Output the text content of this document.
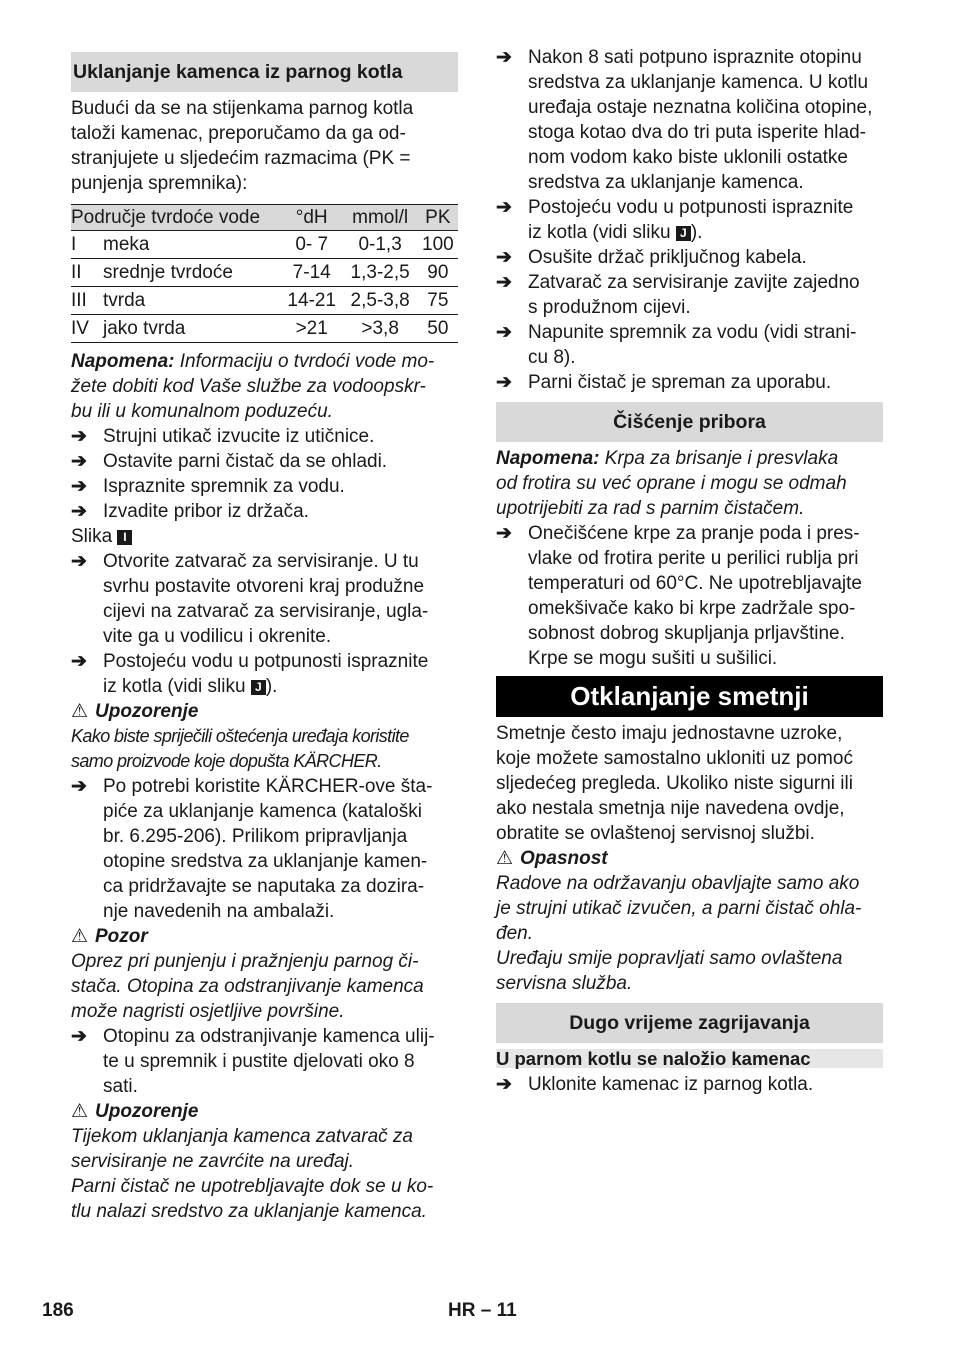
Uklanjanje kamenca iz parnog kotla

Budući da se na stijenkama parnog kotla

taloži kamenac, preporučamo da ga od-

stranjujete u sljedećim razmacima (PK =

punjenja spremnika):

Područje tvrdoće vode		°dH	mmol/l	PK
I	meka	0- 7	0-1,3	100
II	srednje tvrdoće	7-14	1,3-2,5	90
III	tvrda	14-21	2,5-3,8	75
IV	jako tvrda	>21	>3,8	50

Napomena: Informaciju o tvrdoći vode mo-

žete dobiti kod Vaše službe za vodoopskr-

bu ili u komunalnom poduzeću.

➔ Strujni utikač izvucite iz utičnice.

➔ Ostavite parni čistač da se ohladi.

➔ Ispraznite spremnik za vodu.

➔ Izvadite pribor iz držača.

Slika I

➔ Otvorite zatvarač za servisiranje. U tu

svrhu postavite otvoreni kraj produžne

cijevi na zatvarač za servisiranje, ugla-

vite ga u vodilicu i okrenite.

➔ Postojeću vodu u potpunosti ispraznite

iz kotla (vidi sliku J ).

⚠ Upozorenje

Kako biste spriječili oštećenja uređaja koristite

samo proizvode koje dopušta KÄRCHER.

➔ Po potrebi koristite KÄRCHER-ove šta-

piće za uklanjanje kamenca (kataloški

br. 6.295-206). Prilikom pripravljanja

otopine sredstva za uklanjanje kamen-

ca pridržavajte se naputaka za dozira-

nje navedenih na ambalaži.

⚠ Pozor

Oprez pri punjenju i pražnjenju parnog či-

stača. Otopina za odstranjivanje kamenca

može nagristi osjetljive površine.

➔ Otopinu za odstranjivanje kamenca ulij-

te u spremnik i pustite djelovati oko 8

sati.

⚠ Upozorenje

Tijekom uklanjanja kamenca zatvarač za

servisiranje ne zavrćite na uređaj.

Parni čistač ne upotrebljavajte dok se u ko-

tlu nalazi sredstvo za uklanjanje kamenca.

➔ Nakon 8 sati potpuno ispraznite otopinu

sredstva za uklanjanje kamenca. U kotlu

uređaja ostaje neznatna količina otopine,

stoga kotao dva do tri puta isperite hlad-

nom vodom kako biste uklonili ostatke

sredstva za uklanjanje kamenca.

➔ Postojeću vodu u potpunosti ispraznite

iz kotla (vidi sliku J ).

➔ Osušite držač priključnog kabela.

➔ Zatvarač za servisiranje zavijte zajedno

s produžnom cijevi.

➔ Napunite spremnik za vodu (vidi strani-

cu 8).

➔ Parni čistač je spreman za uporabu.

Čišćenje pribora

Napomena: Krpa za brisanje i presvlaka

od frotira su već oprane i mogu se odmah

upotrijebiti za rad s parnim čistačem.

➔ Onečišćene krpe za pranje poda i pres-

vlake od frotira perite u perilici rublja pri

temperaturi od 60°C. Ne upotrebljavajte

omekšivače kako bi krpe zadržale spo-

sobnost dobrog skupljanja prljavštine.

Krpe se mogu sušiti u sušilici.

Otklanjanje smetnji

Smetnje često imaju jednostavne uzroke,

koje možete samostalno ukloniti uz pomoć

sljedećeg pregleda. Ukoliko niste sigurni ili

ako nestala smetnja nije navedena ovdje,

obratite se ovlaštenoj servisnoj službi.

⚠ Opasnost

Radove na održavanju obavljajte samo ako

je strujni utikač izvučen, a parni čistač ohla-

đen.

Uređaju smije popravljati samo ovlaštena

servisna služba.

Dugo vrijeme zagrijavanja
U parnom kotlu se naložio kamenac
➔ Uklonite kamenac iz parnog kotla.

186	HR – 11
